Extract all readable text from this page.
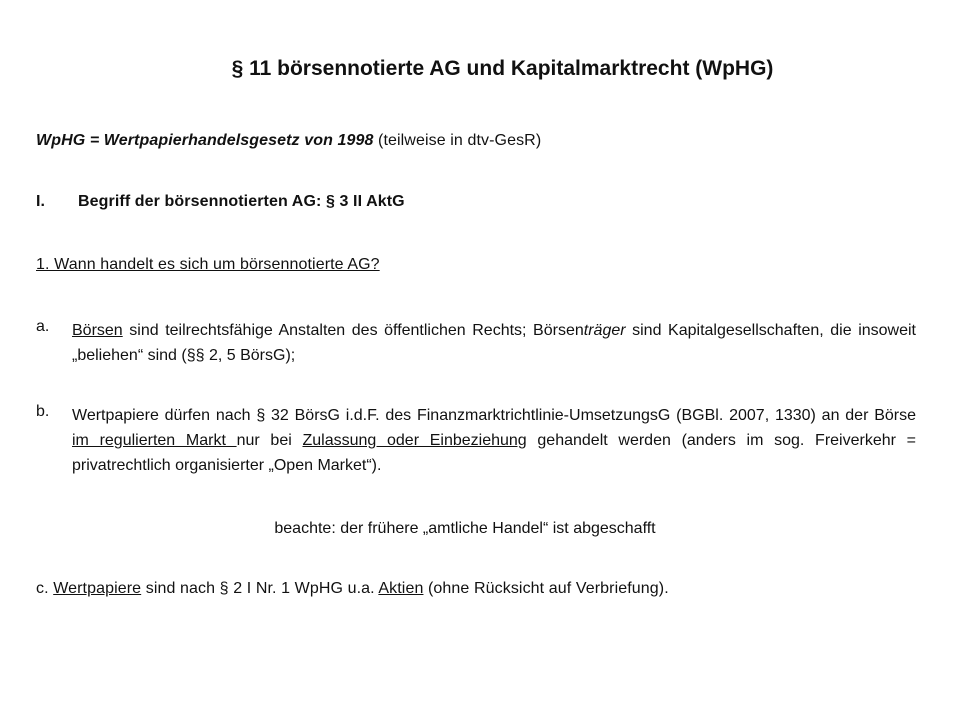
§ 11 börsennotierte AG und Kapitalmarktrecht (WpHG)
WpHG = Wertpapierhandelsgesetz von 1998 (teilweise in dtv-GesR)
I. Begriff der börsennotierten AG: § 3 II AktG
1. Wann handelt es sich um börsennotierte AG?
a. Börsen sind teilrechtsfähige Anstalten des öffentlichen Rechts; Börsenträger sind Kapitalgesellschaften, die insoweit „beliehen“ sind (§§ 2, 5 BörsG);
b. Wertpapiere dürfen nach § 32 BörsG i.d.F. des Finanzmarktrichtlinie-UmsetzungsG (BGBl. 2007, 1330) an der Börse im regulierten Markt nur bei Zulassung oder Einbeziehung gehandelt werden (anders im sog. Freiverkehr = privatrechtlich organisierter „Open Market“).
beachte: der frühere „amtliche Handel“ ist abgeschafft
c. Wertpapiere sind nach § 2 I Nr. 1 WpHG u.a. Aktien (ohne Rücksicht auf Verbriefung).
